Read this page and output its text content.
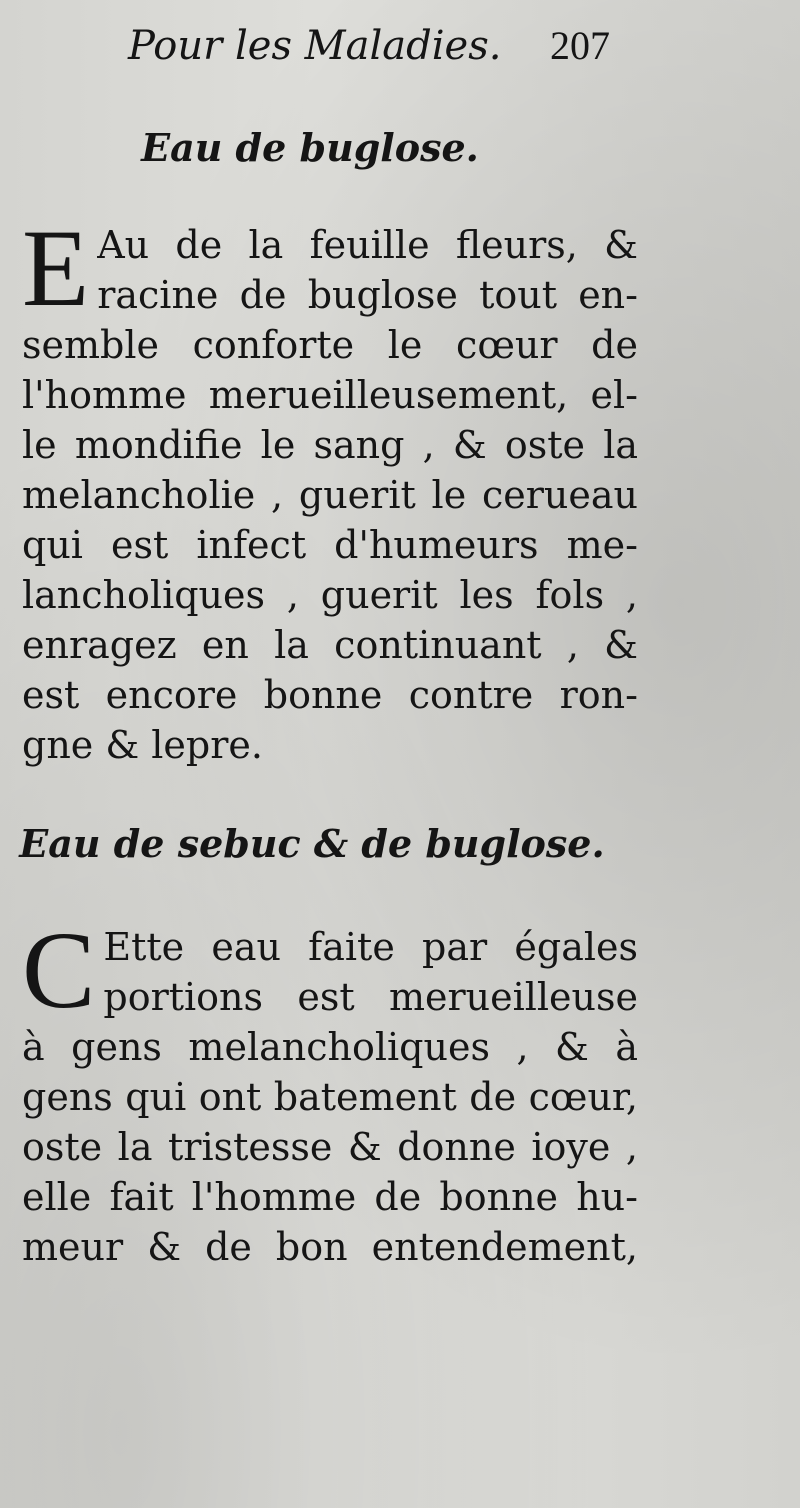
Pour les Maladies. 207
Eau de buglose.
E Au de la feuille fleurs, &
racine de buglose tout en-
semble conforte le cœur de
l'homme merueilleusement, el-
le mondifie le sang , & oste la
melancholie , guerit le cerueau
qui est infect d'humeurs me-
lancholiques , guerit les fols ,
enragez en la continuant , &
est encore bonne contre ron-
gne & lepre.
Eau de sebuc & de buglose.
C Ette eau faite par égales
portions est merueilleuse
à gens melancholiques , & à
gens qui ont batement de cœur,
oste la tristesse & donne ioye ,
elle fait l'homme de bonne hu-
meur & de bon entendement,
